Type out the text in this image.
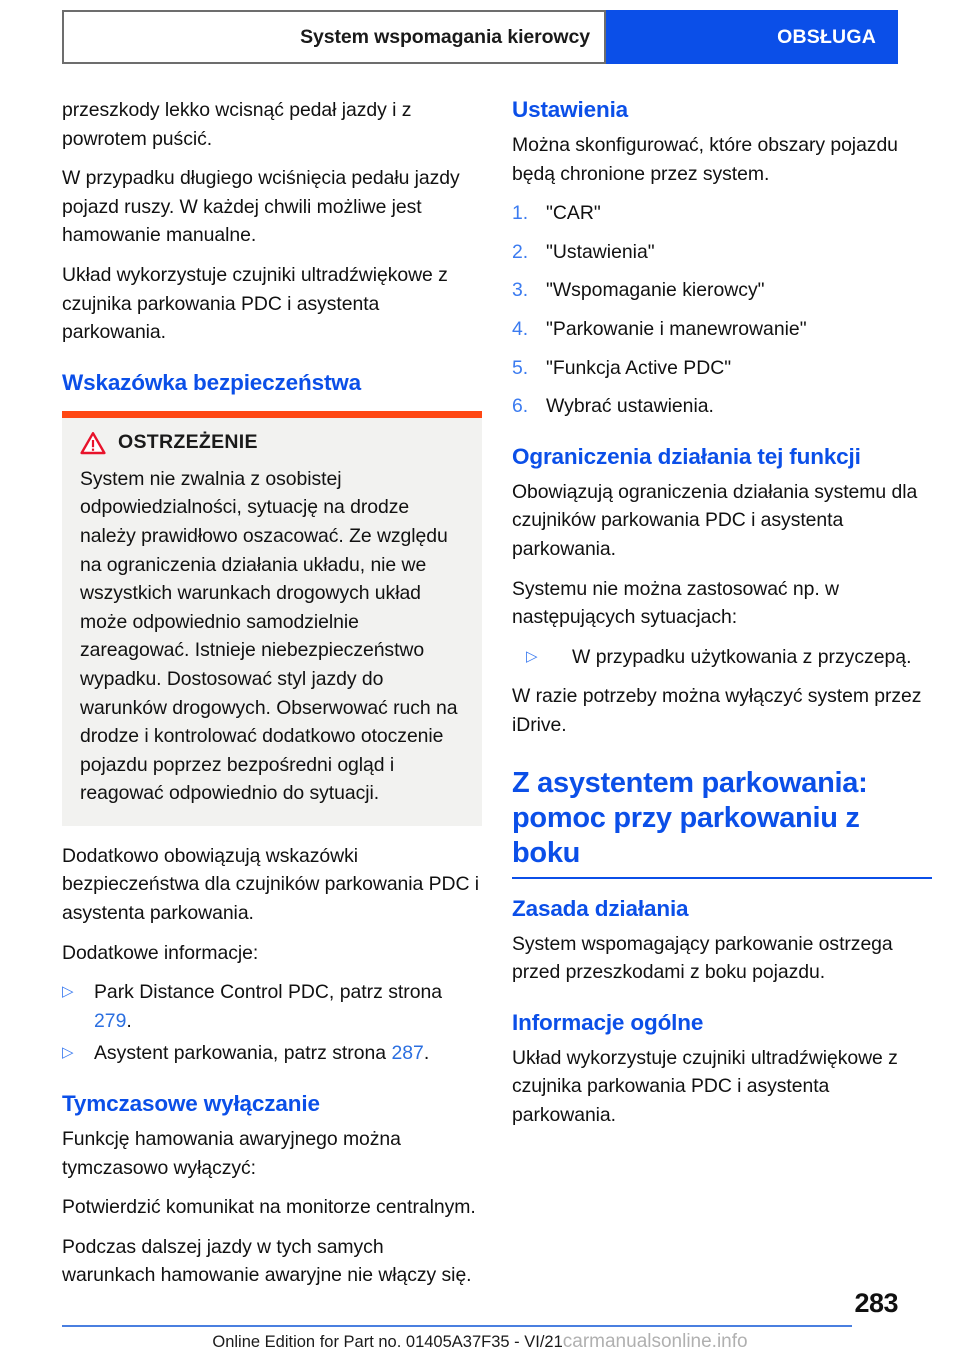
System wspomagania kierowcy	OBSŁUGA

przeszkody lekko wcisnąć pedał jazdy i z powrotem puścić.

W przypadku długiego wciśnięcia pedału jazdy pojazd ruszy. W każdej chwili możliwe jest hamowanie manualne.

Układ wykorzystuje czujniki ultradźwiękowe z czujnika parkowania PDC i asystenta parkowania.

Wskazówka bezpieczeństwa
OSTRZEŻENIE

System nie zwalnia z osobistej odpowiedzialności, sytuację na drodze należy prawidłowo oszacować. Ze względu na ograniczenia działania układu, nie we wszystkich warunkach drogowych układ może odpowiednio samodzielnie zareagować. Istnieje niebezpieczeństwo wypadku. Dostosować styl jazdy do warunków drogowych. Obserwować ruch na drodze i kontrolować dodatkowo otoczenie pojazdu poprzez bezpośredni ogląd i reagować odpowiednio do sytuacji.

Dodatkowo obowiązują wskazówki bezpieczeństwa dla czujników parkowania PDC i asystenta parkowania.

Dodatkowe informacje:

▷	Park Distance Control PDC, patrz strona 279.
▷	Asystent parkowania, patrz strona 287.
Tymczasowe wyłączanie

Funkcję hamowania awaryjnego można tymczasowo wyłączyć:

Potwierdzić komunikat na monitorze centralnym.

Podczas dalszej jazdy w tych samych warunkach hamowanie awaryjne nie włączy się.

Ustawienia

Można skonfigurować, które obszary pojazdu będą chronione przez system.

1. "CAR"
2. "Ustawienia"
3. "Wspomaganie kierowcy"
4. "Parkowanie i manewrowanie"
5. "Funkcja Active PDC"
6. Wybrać ustawienia.
Ograniczenia działania tej funkcji

Obowiązują ograniczenia działania systemu dla czujników parkowania PDC i asystenta parkowania.

Systemu nie można zastosować np. w następujących sytuacjach:

▷	W przypadku użytkowania z przyczepą.

W razie potrzeby można wyłączyć system przez iDrive.

Z asystentem parkowania: pomoc przy parkowaniu z boku
Zasada działania

System wspomagający parkowanie ostrzega przed przeszkodami z boku pojazdu.

Informacje ogólne

Układ wykorzystuje czujniki ultradźwiękowe z czujnika parkowania PDC i asystenta parkowania.

283
Online Edition for Part no. 01405A37F35 - VI/21carmanualsonline.info
